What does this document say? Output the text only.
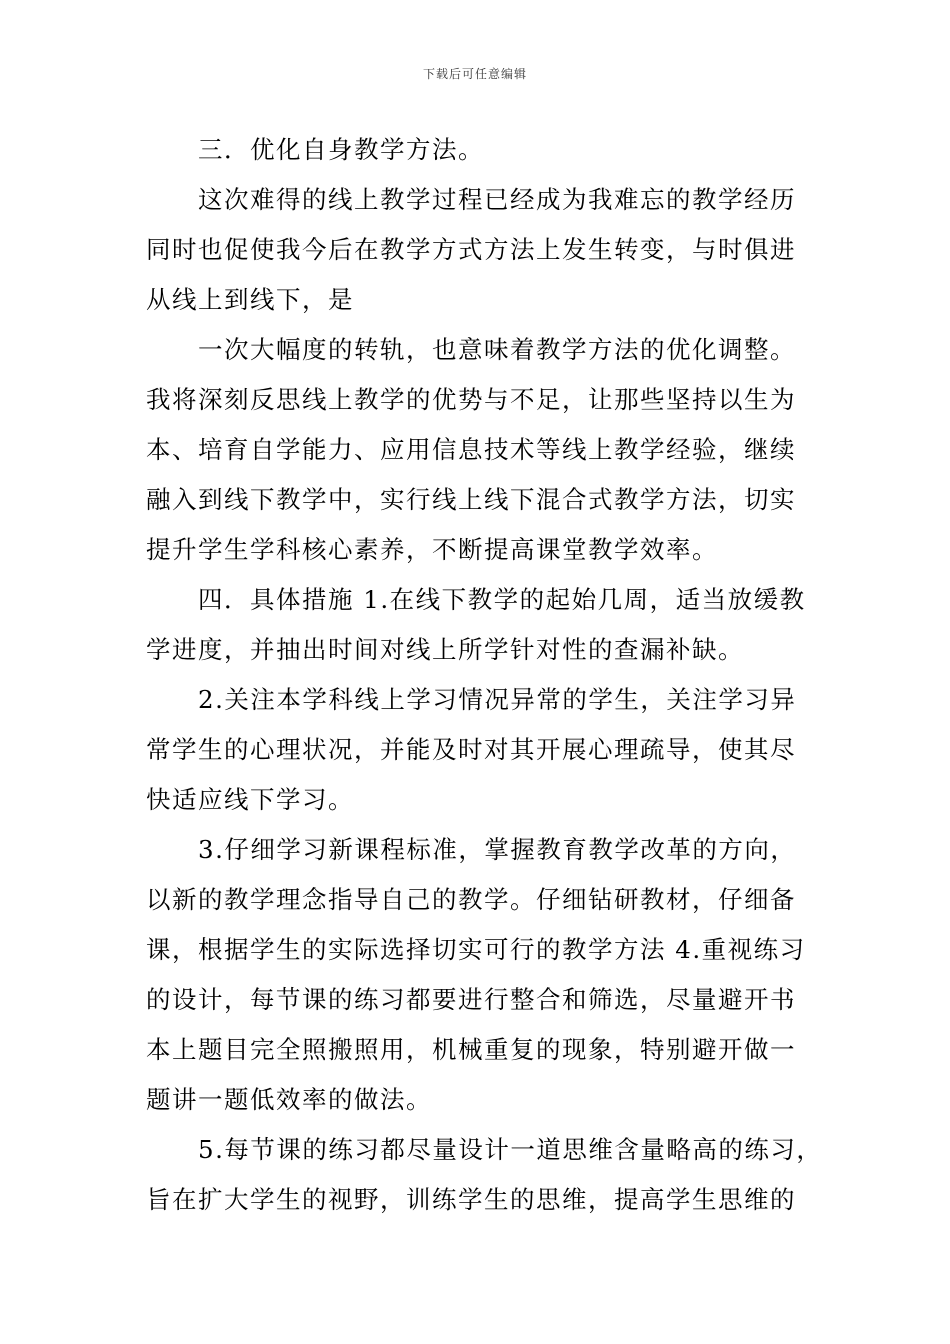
下载后可任意编辑
　　三．优化自身教学方法。
　　这次难得的线上教学过程已经成为我难忘的教学经历
同时也促使我今后在教学方式方法上发生转变，与时俱进
从线上到线下，是
　　一次大幅度的转轨，也意味着教学方法的优化调整。
我将深刻反思线上教学的优势与不足，让那些坚持以生为
本、培育自学能力、应用信息技术等线上教学经验，继续
融入到线下教学中，实行线上线下混合式教学方法，切实
提升学生学科核心素养，不断提高课堂教学效率。
　　四．具体措施 1.在线下教学的起始几周，适当放缓教
学进度，并抽出时间对线上所学针对性的查漏补缺。
　　2.关注本学科线上学习情况异常的学生，关注学习异
常学生的心理状况，并能及时对其开展心理疏导，使其尽
快适应线下学习。
　　3.仔细学习新课程标准，掌握教育教学改革的方向，
以新的教学理念指导自己的教学。仔细钻研教材，仔细备
课，根据学生的实际选择切实可行的教学方法 4.重视练习
的设计，每节课的练习都要进行整合和筛选，尽量避开书
本上题目完全照搬照用，机械重复的现象，特别避开做一
题讲一题低效率的做法。
　　5.每节课的练习都尽量设计一道思维含量略高的练习，
旨在扩大学生的视野，训练学生的思维，提高学生思维的
